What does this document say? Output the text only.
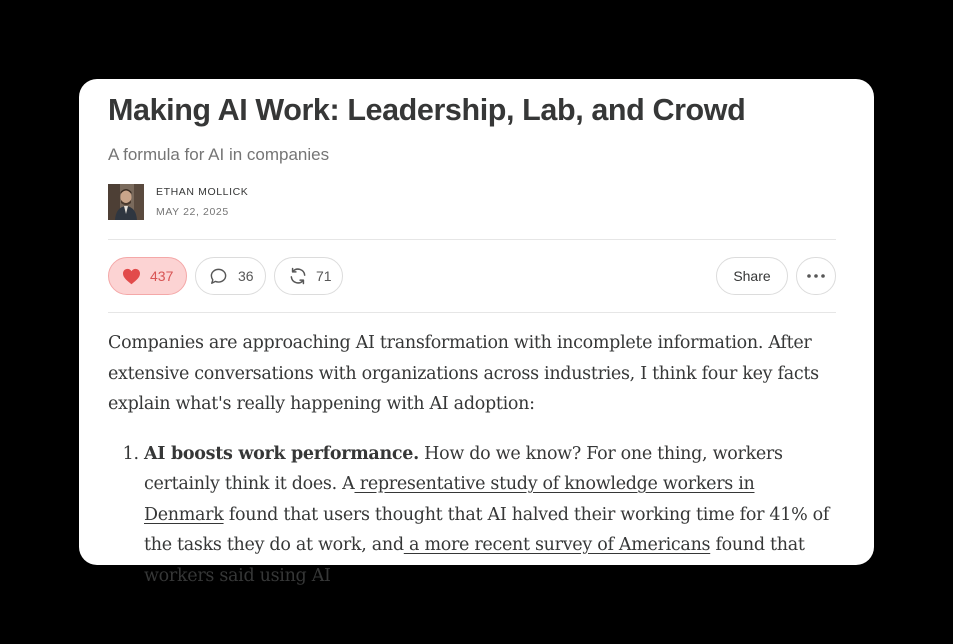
Making AI Work: Leadership, Lab, and Crowd
A formula for AI in companies
ETHAN MOLLICK
MAY 22, 2025
437	36	71	Share

Companies are approaching AI transformation with incomplete information. After extensive conversations with organizations across industries, I think four key facts explain what's really happening with AI adoption:

1. AI boosts work performance. How do we know? For one thing, workers certainly think it does. A representative study of knowledge workers in Denmark found that users thought that AI halved their working time for 41% of the tasks they do at work, and a more recent survey of Americans found that workers said using AI
